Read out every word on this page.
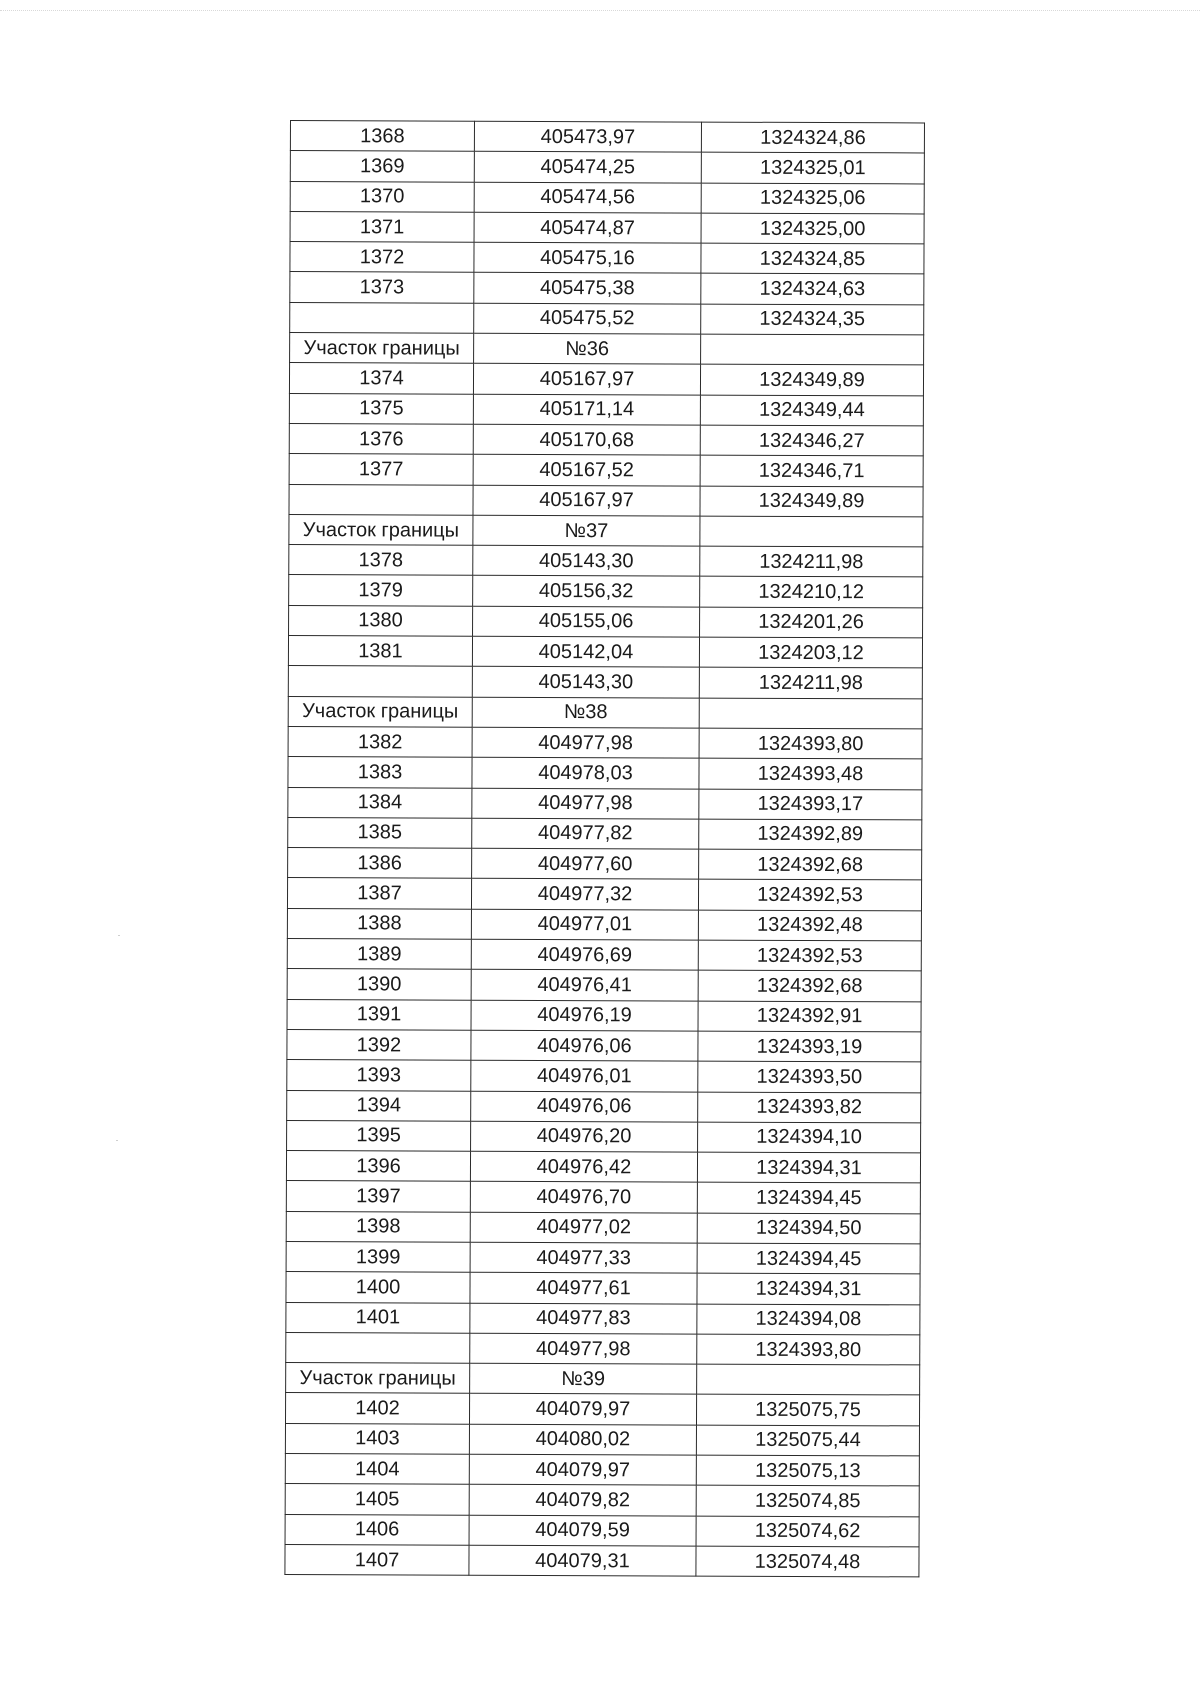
1368	405473,97	1324324,86
1369	405474,25	1324325,01
1370	405474,56	1324325,06
1371	405474,87	1324325,00
1372	405475,16	1324324,85
1373	405475,38	1324324,63
	405475,52	1324324,35
Участок границы	№36	
1374	405167,97	1324349,89
1375	405171,14	1324349,44
1376	405170,68	1324346,27
1377	405167,52	1324346,71
	405167,97	1324349,89
Участок границы	№37	
1378	405143,30	1324211,98
1379	405156,32	1324210,12
1380	405155,06	1324201,26
1381	405142,04	1324203,12
	405143,30	1324211,98
Участок границы	№38	
1382	404977,98	1324393,80
1383	404978,03	1324393,48
1384	404977,98	1324393,17
1385	404977,82	1324392,89
1386	404977,60	1324392,68
1387	404977,32	1324392,53
1388	404977,01	1324392,48
1389	404976,69	1324392,53
1390	404976,41	1324392,68
1391	404976,19	1324392,91
1392	404976,06	1324393,19
1393	404976,01	1324393,50
1394	404976,06	1324393,82
1395	404976,20	1324394,10
1396	404976,42	1324394,31
1397	404976,70	1324394,45
1398	404977,02	1324394,50
1399	404977,33	1324394,45
1400	404977,61	1324394,31
1401	404977,83	1324394,08
	404977,98	1324393,80
Участок границы	№39	
1402	404079,97	1325075,75
1403	404080,02	1325075,44
1404	404079,97	1325075,13
1405	404079,82	1325074,85
1406	404079,59	1325074,62
1407	404079,31	1325074,48
